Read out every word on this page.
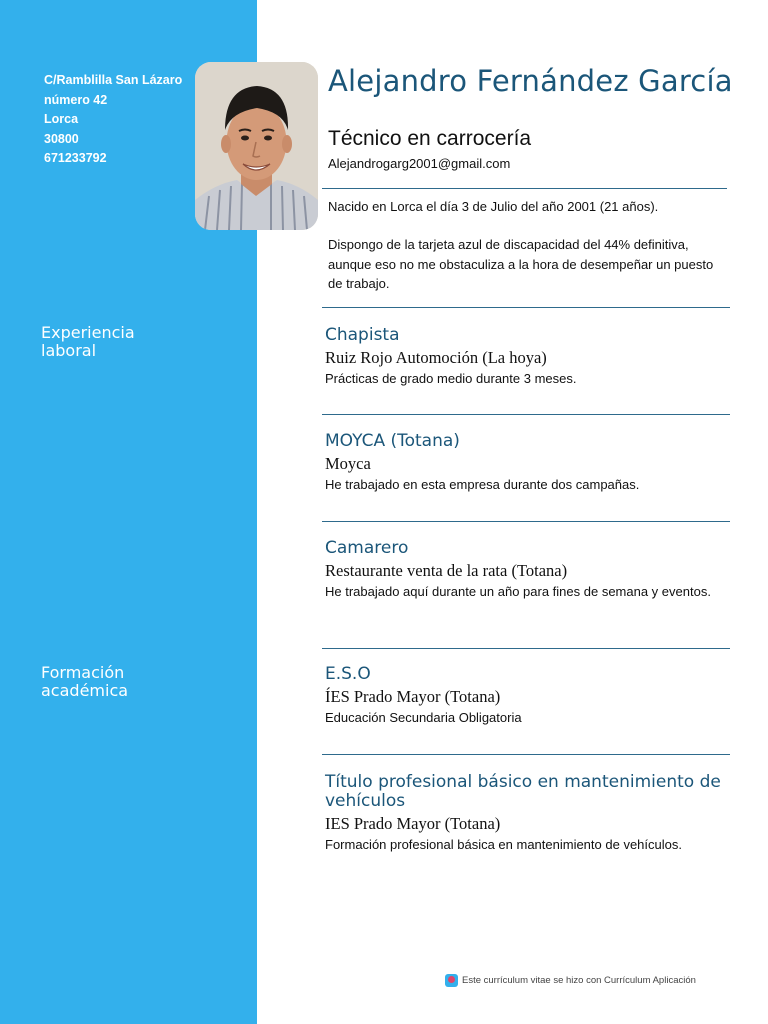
C/Ramblilla San Lázaro
número 42
Lorca
30800
671233792
Experiencia laboral
Formación académica
Alejandro Fernández García
Técnico en carrocería
Alejandrogarg2001@gmail.com

Nacido en Lorca el día 3 de Julio del año 2001 (21 años).

Dispongo de la tarjeta azul de discapacidad del 44% definitiva, aunque eso no me obstaculiza a la hora de desempeñar un puesto de trabajo.

Chapista
Ruiz Rojo Automoción (La hoya)
Prácticas de grado medio durante 3 meses.
MOYCA (Totana)
Moyca
He trabajado en esta empresa durante dos campañas.
Camarero
Restaurante venta de la rata (Totana)
He trabajado aquí durante un año para fines de semana y eventos.
E.S.O
ÍES Prado Mayor (Totana)
Educación Secundaria Obligatoria
Título profesional básico en mantenimiento de vehículos
IES Prado Mayor (Totana)
Formación profesional básica en mantenimiento de vehículos.
Este currículum vitae se hizo con Currículum Aplicación
